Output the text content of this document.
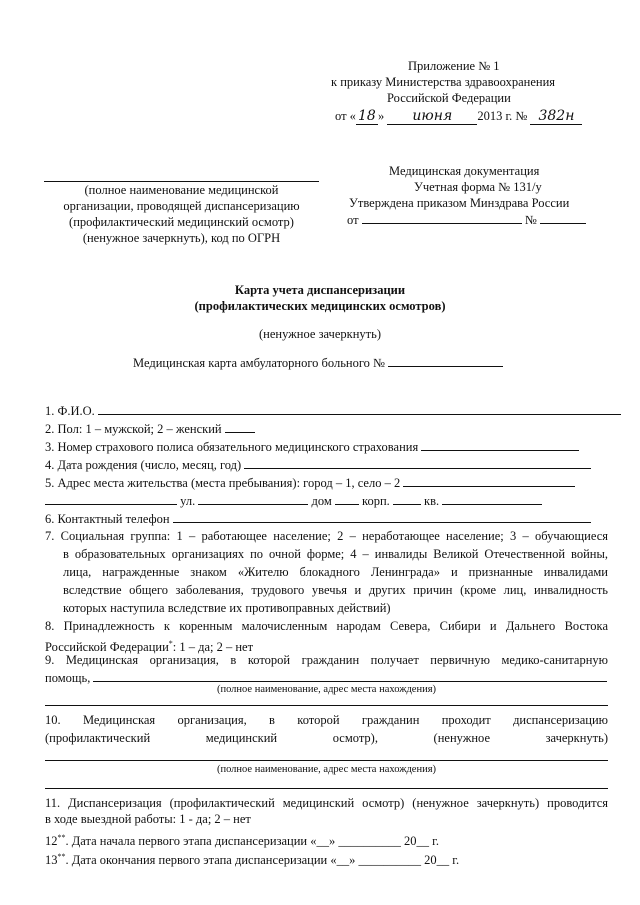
Приложение № 1
к приказу Министерства здравоохранения
Российской Федерации
от « 18 » июня 2013 г. № 382н
(полное наименование медицинской
организации, проводящей диспансеризацию
(профилактический медицинский осмотр)
(ненужное зачеркнуть), код по ОГРН
Медицинская документация
Учетная форма № 131/у
Утверждена приказом Минздрава России
от	№
Карта учета диспансеризации
(профилактических медицинских осмотров)
(ненужное зачеркнуть)
Медицинская карта амбулаторного больного №
1. Ф.И.О.
2. Пол: 1 – мужской; 2 – женский
3. Номер страхового полиса обязательного медицинского страхования
4. Дата рождения (число, месяц, год)
5. Адрес места жительства (места пребывания): город – 1, село – 2
ул.	дом корп.	кв.
6. Контактный телефон
7. Социальная группа: 1 – работающее население; 2 – неработающее население; 3 – обучающиеся
в образовательных организациях по очной форме; 4 – инвалиды Великой Отечественной войны,
лица, награжденные знаком «Жителю блокадного Ленинграда» и признанные инвалидами
вследствие общего заболевания, трудового увечья и других причин (кроме лиц, инвалидность
которых наступила вследствие их противоправных действий)
8. Принадлежность к коренным малочисленным народам Севера, Сибири и Дальнего Востока
Российской Федерации*: 1 – да; 2 – нет
9. Медицинская организация, в которой гражданин получает первичную медико-санитарную
помощь,
(полное наименование, адрес места нахождения)
10. Медицинская организация, в которой гражданин проходит диспансеризацию
(профилактический медицинский осмотр), (ненужное зачеркнуть)
(полное наименование, адрес места нахождения)
11. Диспансеризация (профилактический медицинский осмотр) (ненужное зачеркнуть) проводится
в ходе выездной работы: 1 - да; 2 – нет
12**. Дата начала первого этапа диспансеризации «__» __________ 20__ г.
13**. Дата окончания первого этапа диспансеризации «__» __________ 20__ г.
